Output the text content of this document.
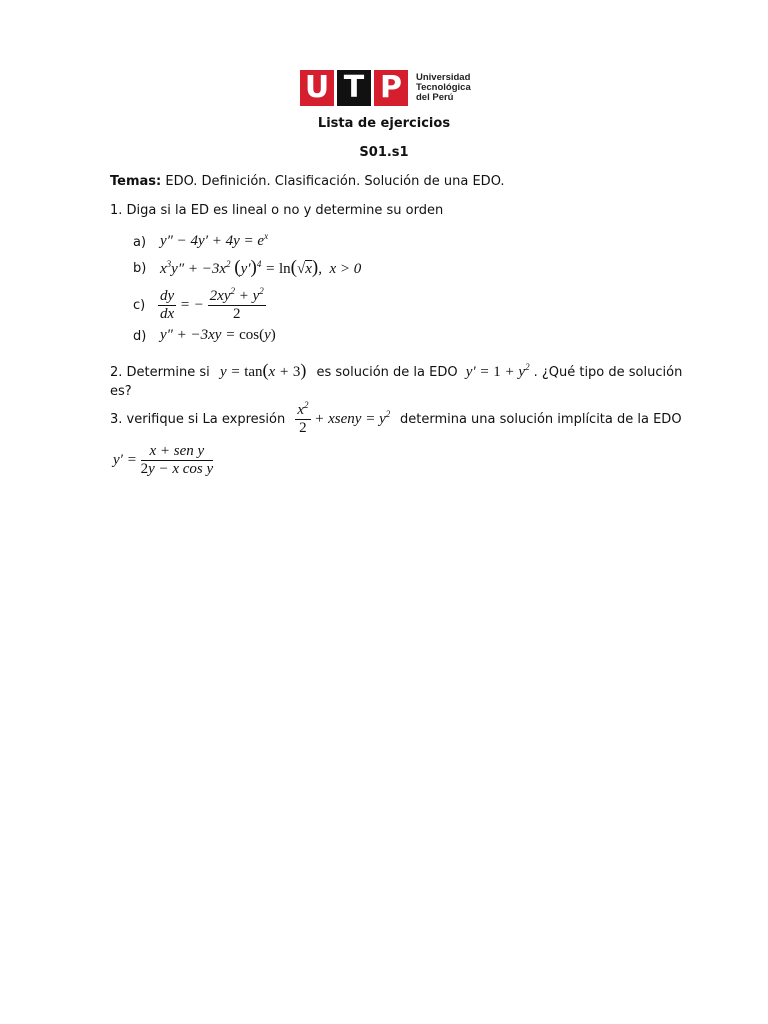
U T P	Universidad
Tecnológica
del Perú
Lista de ejercicios
S01.s1
Temas: EDO. Definición. Clasificación. Solución de una EDO.
1. Diga si la ED es lineal o no y determine su orden
a) $y'' - 4y' + 4y = e^x$
b) $x^3y'' + -3x^2$ $(y')^4 = \ln(√x)$,  x > 0
$c) \frac{dy}{dx}$ = − $\frac{2xy^2 + y^2}{2}$
d) y″ + −3xy = cos(y)
2. Determine si y = tan(x + 3) es solución de la EDO $y' = 1 + y^2$ . ¿Qué tipo de solución
es?
3. verifique si La expresión $\frac{x^2}{2}$ + xseny = $y^2$ determina una solución implícita de la EDO
$y' = \frac{\text{x + sen y}}{\text{2y − x cos y}}$
